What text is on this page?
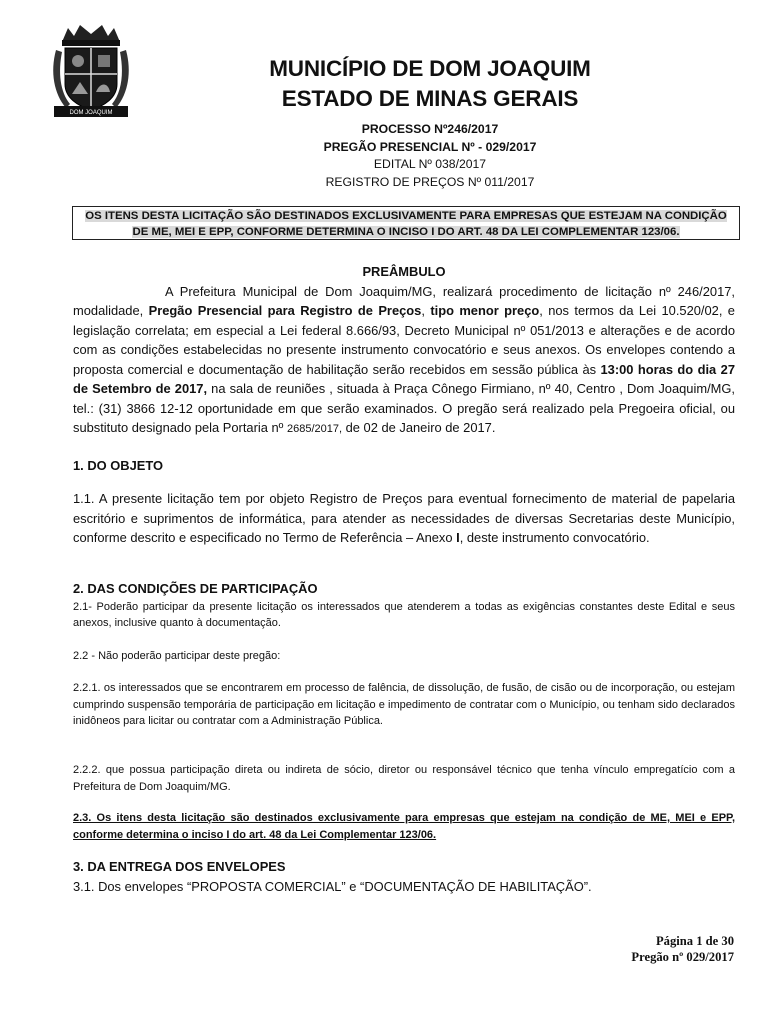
DOM JOAQUIM
MUNICÍPIO DE DOM JOAQUIM
ESTADO DE MINAS GERAIS
PROCESSO Nº246/2017
PREGÃO PRESENCIAL Nº - 029/2017
EDITAL Nº 038/2017
REGISTRO DE PREÇOS Nº 011/2017
OS ITENS DESTA LICITAÇÃO SÃO DESTINADOS EXCLUSIVAMENTE PARA EMPRESAS QUE ESTEJAM NA CONDIÇÃO
DE ME, MEI E EPP, CONFORME DETERMINA O INCISO I DO ART. 48 DA LEI COMPLEMENTAR 123/06.
PREÂMBULO
A Prefeitura Municipal de Dom Joaquim/MG, realizará procedimento de licitação nº 246/2017, modalidade, Pregão Presencial para Registro de Preços, tipo menor preço, nos termos da Lei 10.520/02, e legislação correlata; em especial a Lei federal 8.666/93, Decreto Municipal nº 051/2013 e alterações e de acordo com as condições estabelecidas no presente instrumento convocatório e seus anexos. Os envelopes contendo a proposta comercial e documentação de habilitação serão recebidos em sessão pública às 13:00 horas do dia 27 de Setembro de 2017, na sala de reuniões , situada à Praça Cônego Firmiano, nº 40, Centro , Dom Joaquim/MG, tel.: (31) 3866 12-12 oportunidade em que serão examinados. O pregão será realizado pela Pregoeira oficial, ou substituto designado pela Portaria nº 2685/2017, de 02 de Janeiro de 2017.
1. DO OBJETO
1.1. A presente licitação tem por objeto Registro de Preços para eventual fornecimento de material de papelaria escritório e suprimentos de informática, para atender as necessidades de diversas Secretarias deste Município, conforme descrito e especificado no Termo de Referência – Anexo I, deste instrumento convocatório.
2. DAS CONDIÇÕES DE PARTICIPAÇÃO
2.1- Poderão participar da presente licitação os interessados que atenderem a todas as exigências constantes deste Edital e seus anexos, inclusive quanto à documentação.
2.2 - Não poderão participar deste pregão:
2.2.1. os interessados que se encontrarem em processo de falência, de dissolução, de fusão, de cisão ou de incorporação, ou estejam cumprindo suspensão temporária de participação em licitação e impedimento de contratar com o Município, ou tenham sido declarados inidôneos para licitar ou contratar com a Administração Pública.
2.2.2. que possua participação direta ou indireta de sócio, diretor ou responsável técnico que tenha vínculo empregatício com a Prefeitura de Dom Joaquim/MG.
2.3. Os itens desta licitação são destinados exclusivamente para empresas que estejam na condição de ME, MEI e EPP, conforme determina o inciso I do art. 48 da Lei Complementar 123/06.
3. DA ENTREGA DOS ENVELOPES
3.1. Dos envelopes “PROPOSTA COMERCIAL” e “DOCUMENTAÇÃO DE HABILITAÇÃO”.
Página 1 de 30
Pregão nº 029/2017
